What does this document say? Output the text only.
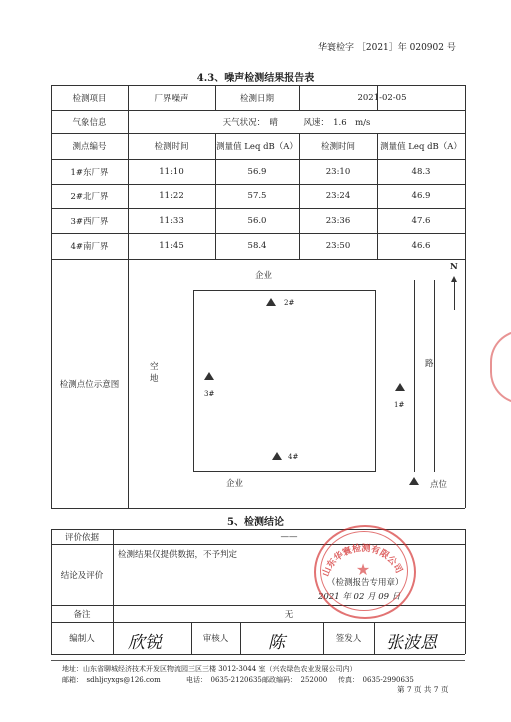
华寰检字 ［2021］年 020902 号
4.3、噪声检测结果报告表
检测项目	厂界噪声	检测日期	2021-02-05
气象信息	天气状况：　晴　　　风速：　1.6　m/s
测点编号	检测时间	测量值 Leq dB（A）	检测时间	测量值 Leq dB（A）
1#东厂界	11:10	56.9	23:10	48.3
2#北厂界	11:22	57.5	23:24	46.9
3#西厂界	11:33	56.0	23:36	47.6
4#南厂界	11:45	58.4	23:50	46.6
检测点位示意图
企业
企业
空
地
路
N
2#
3#
1#
4#
点位
5、检测结论
评价依据	——
结论及评价
检测结果仅提供数据，不予判定
（检测报告专用章）
2021 年 02 月 09 日
备注	无
编制人	欣锐	审核人	陈	签发人	张波恩
山东华寰检测有限公司
★
地址：山东省聊城经济技术开发区物流园三区三楼 3012-3044 室（兴农绿色农业发展公司内）
邮箱：　sdhljcyxgs@126.com	电话：　0635-2120635 邮政编码：　252000 传真：　0635-2990635
第 7 页 共 7 页
